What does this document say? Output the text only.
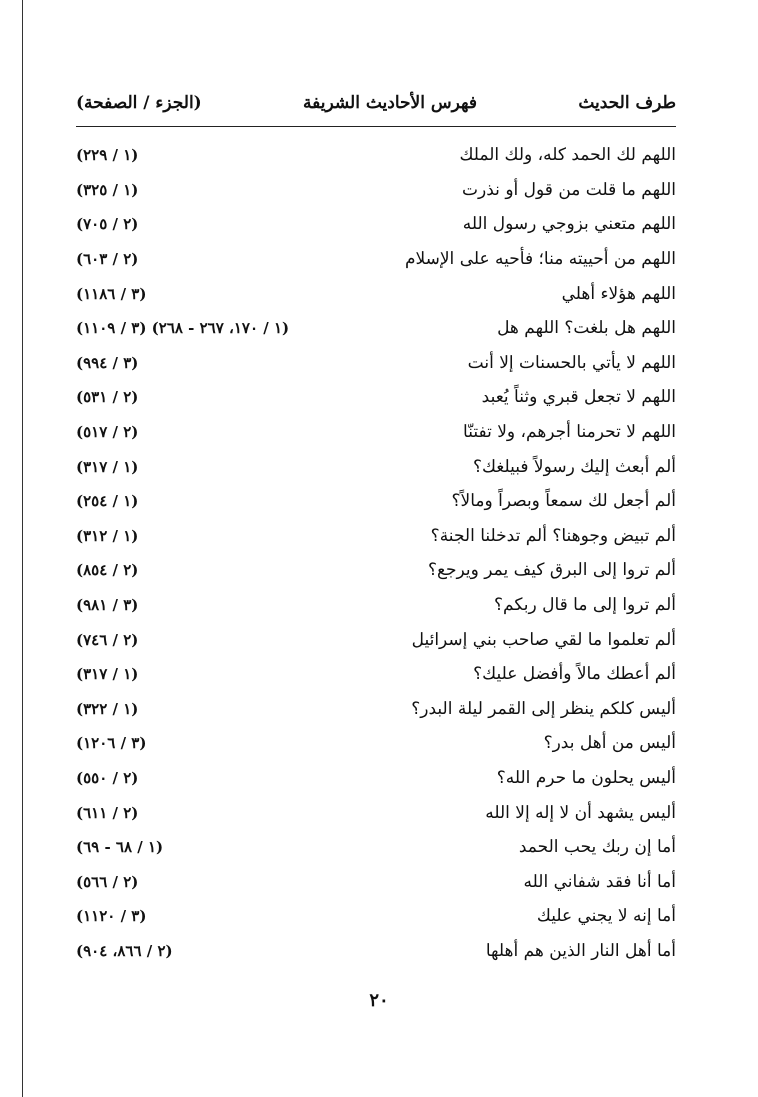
طرف الحديث
فهرس الأحاديث الشريفة
(الجزء / الصفحة)
اللهم لك الحمد كله، ولك الملك
(١ / ٢٢٩)
اللهم ما قلت من قول أو نذرت
(١ / ٣٢٥)
اللهم متعني بزوجي رسول الله
(٢ / ٧٠٥)
اللهم من أحييته منا؛ فأحيه على الإسلام
(٢ / ٦٠٣)
اللهم هؤلاء أهلي
(٣ / ١١٨٦)
اللهم هل بلغت؟ اللهم هل
(١ / ١٧٠، ٢٦٧ - ٢٦٨) (٣ / ١١٠٩)
اللهم لا يأتي بالحسنات إلا أنت
(٣ / ٩٩٤)
اللهم لا تجعل قبري وثناً يُعبد
(٢ / ٥٣١)
اللهم لا تحرمنا أجرهم، ولا تفتنّا
(٢ / ٥١٧)
ألم أبعث إليك رسولاً فبيلغك؟
(١ / ٣١٧)
ألم أجعل لك سمعاً وبصراً ومالاً؟
(١ / ٢٥٤)
ألم تبيض وجوهنا؟ ألم تدخلنا الجنة؟
(١ / ٣١٢)
ألم تروا إلى البرق كيف يمر ويرجع؟
(٢ / ٨٥٤)
ألم تروا إلى ما قال ربكم؟
(٣ / ٩٨١)
ألم تعلموا ما لقي صاحب بني إسرائيل
(٢ / ٧٤٦)
ألم أعطك مالاً وأفضل عليك؟
(١ / ٣١٧)
أليس كلكم ينظر إلى القمر ليلة البدر؟
(١ / ٣٢٢)
أليس من أهل بدر؟
(٣ / ١٢٠٦)
أليس يحلون ما حرم الله؟
(٢ / ٥٥٠)
أليس يشهد أن لا إله إلا الله
(٢ / ٦١١)
أما إن ربك يحب الحمد
(١ / ٦٨ - ٦٩)
أما أنا فقد شفاني الله
(٢ / ٥٦٦)
أما إنه لا يجني عليك
(٣ / ١١٢٠)
أما أهل النار الذين هم أهلها
(٢ / ٨٦٦، ٩٠٤)
٢٠
